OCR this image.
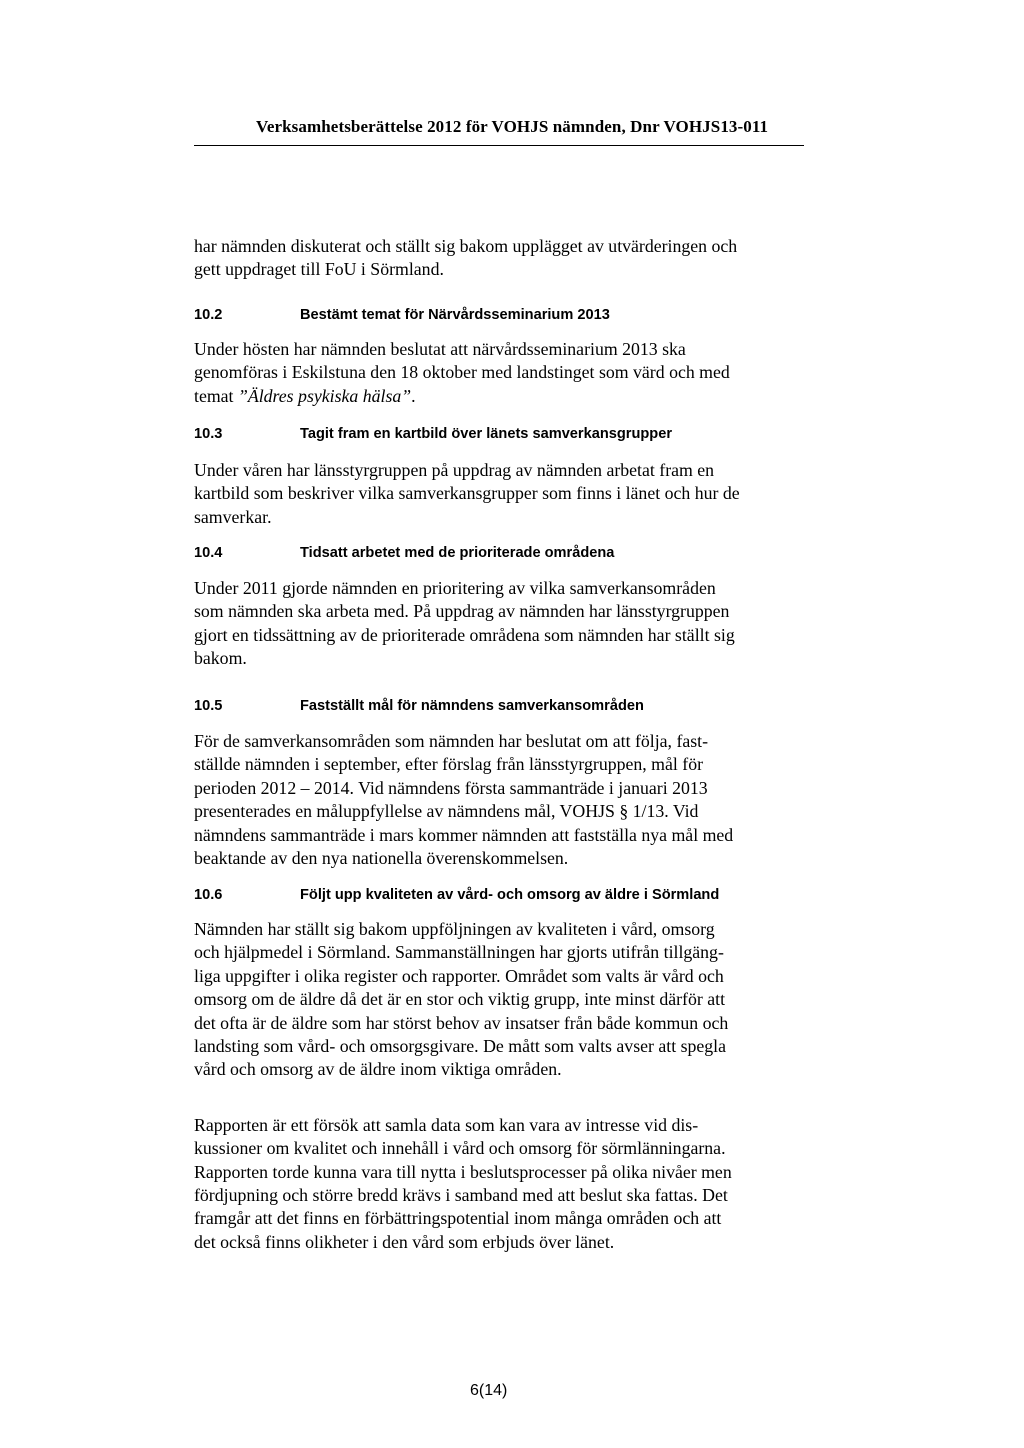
Verksamhetsberättelse 2012 för VOHJS nämnden, Dnr VOHJS13-011

har nämnden diskuterat och ställt sig bakom upplägget av utvärderingen och
gett uppdraget till FoU i Sörmland.

10.2	Bestämt temat för Närvårdsseminarium 2013

Under hösten har nämnden beslutat att närvårdsseminarium 2013 ska
genomföras i Eskilstuna den 18 oktober med landstinget som värd och med
temat ”Äldres psykiska hälsa”.

10.3	Tagit fram en kartbild över länets samverkansgrupper

Under våren har länsstyrgruppen på uppdrag av nämnden arbetat fram en
kartbild som beskriver vilka samverkansgrupper som finns i länet och hur de
samverkar.

10.4	Tidsatt arbetet med de prioriterade områdena

Under 2011 gjorde nämnden en prioritering av vilka samverkansområden
som nämnden ska arbeta med. På uppdrag av nämnden har länsstyrgruppen
gjort en tidssättning av de prioriterade områdena som nämnden har ställt sig
bakom.

10.5	Fastställt mål för nämndens samverkansområden

För de samverkansområden som nämnden har beslutat om att följa, fast-
ställde nämnden i september, efter förslag från länsstyrgruppen, mål för
perioden 2012 – 2014. Vid nämndens första sammanträde i januari 2013
presenterades en måluppfyllelse av nämndens mål, VOHJS § 1/13. Vid
nämndens sammanträde i mars kommer nämnden att fastställa nya mål med
beaktande av den nya nationella överenskommelsen.

10.6	Följt upp kvaliteten av vård- och omsorg av äldre i Sörmland

Nämnden har ställt sig bakom uppföljningen av kvaliteten i vård, omsorg
och hjälpmedel i Sörmland. Sammanställningen har gjorts utifrån tillgäng-
liga uppgifter i olika register och rapporter. Området som valts är vård och
omsorg om de äldre då det är en stor och viktig grupp, inte minst därför att
det ofta är de äldre som har störst behov av insatser från både kommun och
landsting som vård- och omsorgsgivare. De mått som valts avser att spegla
vård och omsorg av de äldre inom viktiga områden.

Rapporten är ett försök att samla data som kan vara av intresse vid dis-
kussioner om kvalitet och innehåll i vård och omsorg för sörmlänningarna.
Rapporten torde kunna vara till nytta i beslutsprocesser på olika nivåer men
fördjupning och större bredd krävs i samband med att beslut ska fattas. Det
framgår att det finns en förbättringspotential inom många områden och att
det också finns olikheter i den vård som erbjuds över länet.

6(14)
